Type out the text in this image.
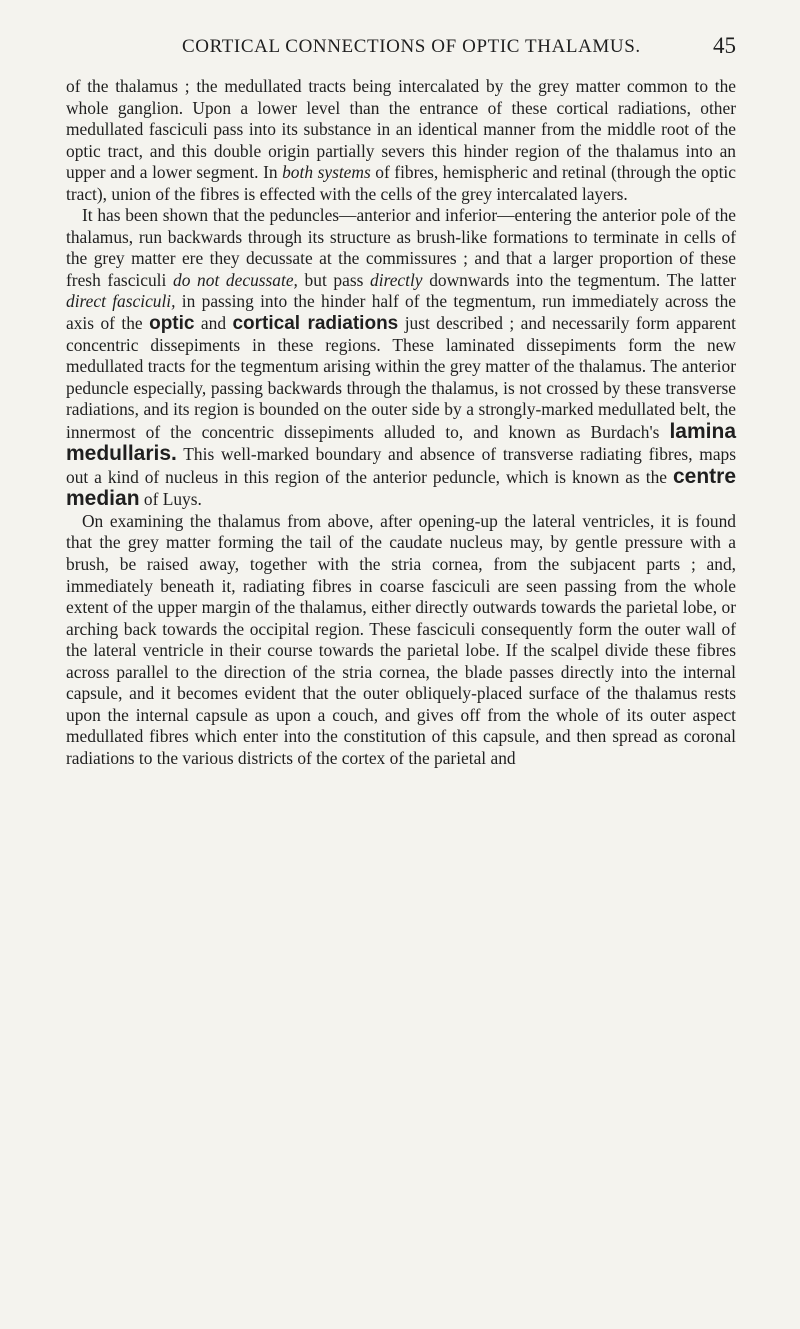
CORTICAL CONNECTIONS OF OPTIC THALAMUS.	45

of the thalamus ; the medullated tracts being intercalated by the grey matter common to the whole ganglion. Upon a lower level than the entrance of these cortical radiations, other medullated fasciculi pass into its substance in an identical manner from the middle root of the optic tract, and this double origin partially severs this hinder region of the thalamus into an upper and a lower segment. In both systems of fibres, hemispheric and retinal (through the optic tract), union of the fibres is effected with the cells of the grey intercalated layers.

It has been shown that the peduncles—anterior and inferior—entering the anterior pole of the thalamus, run backwards through its structure as brush-like formations to terminate in cells of the grey matter ere they decussate at the commissures ; and that a larger proportion of these fresh fasciculi do not decussate, but pass directly downwards into the tegmentum. The latter direct fasciculi, in passing into the hinder half of the tegmentum, run immediately across the axis of the optic and cortical radiations just described ; and necessarily form apparent concentric dissepiments in these regions. These laminated dissepiments form the new medullated tracts for the tegmentum arising within the grey matter of the thalamus. The anterior peduncle especially, passing backwards through the thalamus, is not crossed by these transverse radiations, and its region is bounded on the outer side by a strongly-marked medullated belt, the innermost of the concentric dissepiments alluded to, and known as Burdach's lamina medullaris. This well-marked boundary and absence of transverse radiating fibres, maps out a kind of nucleus in this region of the anterior peduncle, which is known as the centre median of Luys.

On examining the thalamus from above, after opening-up the lateral ventricles, it is found that the grey matter forming the tail of the caudate nucleus may, by gentle pressure with a brush, be raised away, together with the stria cornea, from the subjacent parts ; and, immediately beneath it, radiating fibres in coarse fasciculi are seen passing from the whole extent of the upper margin of the thalamus, either directly outwards towards the parietal lobe, or arching back towards the occipital region. These fasciculi consequently form the outer wall of the lateral ventricle in their course towards the parietal lobe. If the scalpel divide these fibres across parallel to the direction of the stria cornea, the blade passes directly into the internal capsule, and it becomes evident that the outer obliquely-placed surface of the thalamus rests upon the internal capsule as upon a couch, and gives off from the whole of its outer aspect medullated fibres which enter into the constitution of this capsule, and then spread as coronal radiations to the various districts of the cortex of the parietal and
